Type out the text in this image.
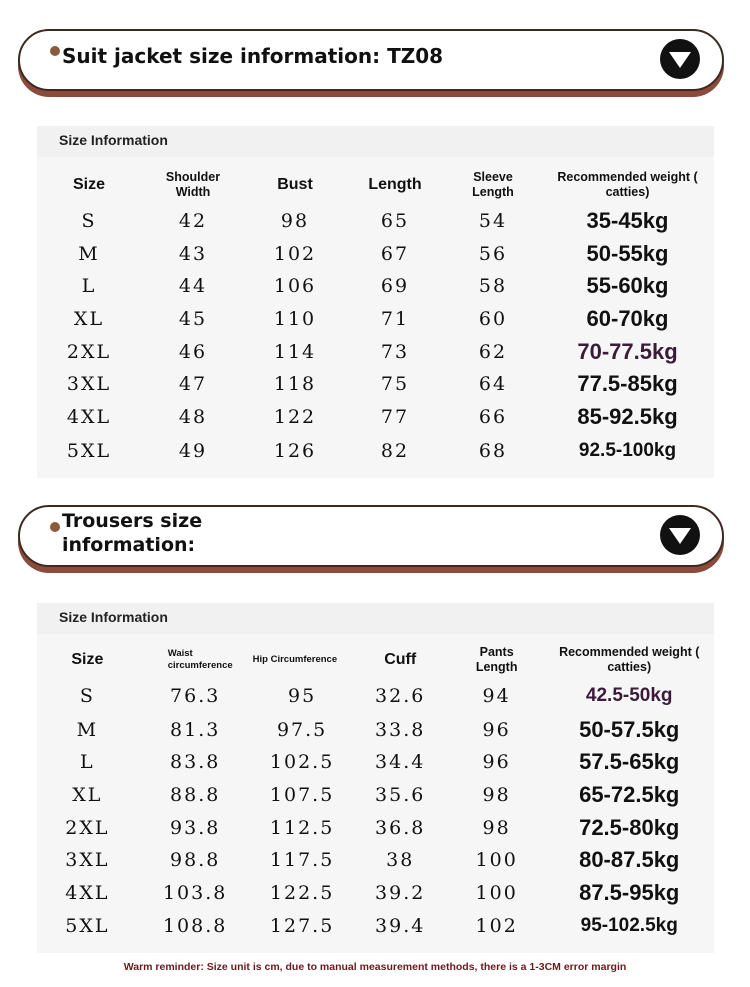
Suit jacket size information: TZ08
Size Information
Size	Shoulder Width	Bust	Length	Sleeve Length	Recommended weight ( catties)
S	42	98	65	54	35-45kg
M	43	102	67	56	50-55kg
L	44	106	69	58	55-60kg
XL	45	110	71	60	60-70kg
2XL	46	114	73	62	70-77.5kg
3XL	47	118	75	64	77.5-85kg
4XL	48	122	77	66	85-92.5kg
5XL	49	126	82	68	92.5-100kg
Trousers size
information:
Size Information
Size	Waist circumference	Hip Circumference	Cuff	Pants Length	Recommended weight ( catties)
S	76.3	95	32.6	94	42.5-50kg
M	81.3	97.5	33.8	96	50-57.5kg
L	83.8	102.5	34.4	96	57.5-65kg
XL	88.8	107.5	35.6	98	65-72.5kg
2XL	93.8	112.5	36.8	98	72.5-80kg
3XL	98.8	117.5	38	100	80-87.5kg
4XL	103.8	122.5	39.2	100	87.5-95kg
5XL	108.8	127.5	39.4	102	95-102.5kg
Warm reminder: Size unit is cm, due to manual measurement methods, there is a 1-3CM error margin
